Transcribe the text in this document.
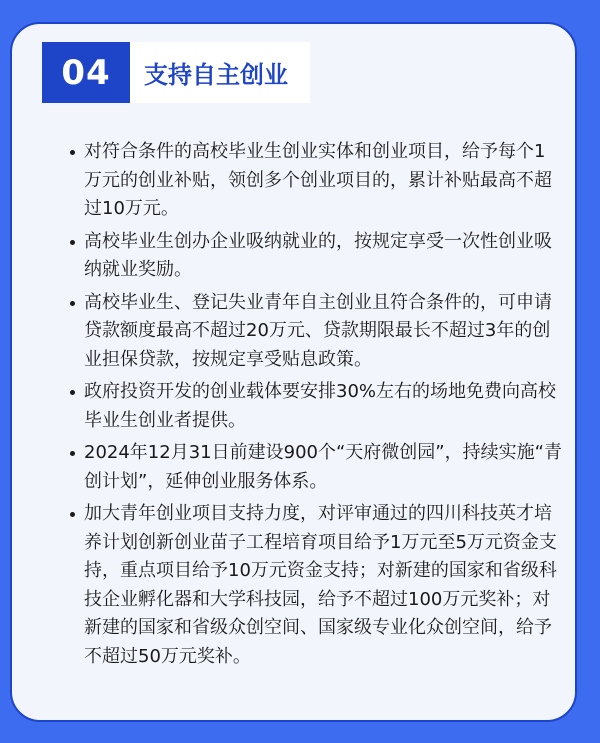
04	支持自主创业
对符合条件的高校毕业生创业实体和创业项目，给予每个1万元的创业补贴，领创多个创业项目的，累计补贴最高不超过10万元。
高校毕业生创办企业吸纳就业的，按规定享受一次性创业吸纳就业奖励。
高校毕业生、登记失业青年自主创业且符合条件的，可申请贷款额度最高不超过20万元、贷款期限最长不超过3年的创业担保贷款，按规定享受贴息政策。
政府投资开发的创业载体要安排30%左右的场地免费向高校毕业生创业者提供。
2024年12月31日前建设900个“天府微创园”，持续实施“青创计划”，延伸创业服务体系。
加大青年创业项目支持力度，对评审通过的四川科技英才培养计划创新创业苗子工程培育项目给予1万元至5万元资金支持，重点项目给予10万元资金支持；对新建的国家和省级科技企业孵化器和大学科技园，给予不超过100万元奖补；对新建的国家和省级众创空间、国家级专业化众创空间，给予不超过50万元奖补。
